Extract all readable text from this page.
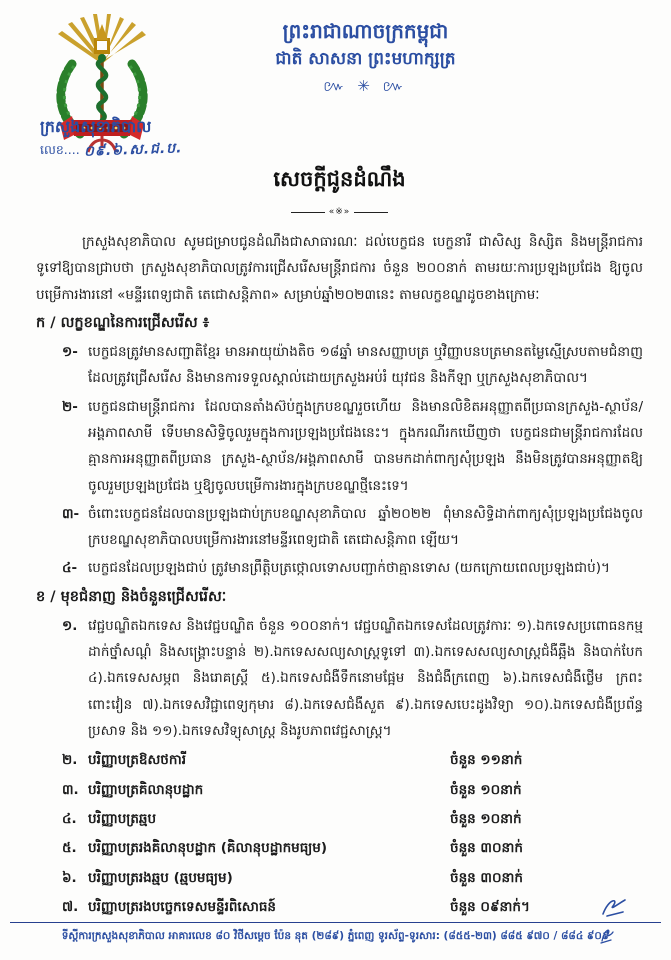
ព្រះរាជាណាចក្រកម្ពុជា
ជាតិ សាសនា ព្រះមហាក្សត្រ
៚ ✳ ៚
ក្រសួងសុខាភិបាល
លេខ.... ០៩.៦.ស.ជ.ប.
សេចក្តីជូនដំណឹង
«※»

ក្រសួងសុខាភិបាល សូមជម្រាបជូនដំណឹងជាសាធារណៈ ដល់បេក្ខជន បេក្ខនារី ជាសិស្ស និស្សិត និងមន្ត្រីរាជការទូទៅឱ្យបានជ្រាបថា ក្រសួងសុខាភិបាលត្រូវការជ្រើសរើសមន្ត្រីរាជការ ចំនួន ២០០នាក់ តាមរយៈការប្រឡងប្រជែង ឱ្យចូលបម្រើការងារនៅ «មន្ទីរពេទ្យជាតិ តេជោសន្តិភាព» សម្រាប់ឆ្នាំ២០២៣នេះ តាមលក្ខខណ្ឌដូចខាងក្រោមៈ

ក / លក្ខខណ្ឌនៃការជ្រើសរើស ៖
១- បេក្ខជនត្រូវមានសញ្ជាតិខ្មែរ មានអាយុយ៉ាងតិច ១៨ឆ្នាំ មានសញ្ញាបត្រ ឬវិញ្ញាបនបត្រមានតម្លៃស្មើស្របតាមជំនាញដែលត្រូវជ្រើសរើស និងមានការទទួលស្គាល់ដោយក្រសួងអប់រំ យុវជន និងកីឡា ឬក្រសួងសុខាភិបាល។
២- បេក្ខជនជាមន្ត្រីរាជការ ដែលបានតាំងស៊ប់ក្នុងក្របខណ្ឌរួចហើយ និងមានលិខិតអនុញ្ញាតពីប្រធានក្រសួង-ស្ថាប័ន/អង្គភាពសាមី ទើបមានសិទ្ធិចូលរួមក្នុងការប្រឡងប្រជែងនេះ។ ក្នុងករណីរកឃើញថា បេក្ខជនជាមន្ត្រីរាជការដែលគ្មានការអនុញ្ញាតពីប្រធាន ក្រសួង-ស្ថាប័ន/អង្គភាពសាមី បានមកដាក់ពាក្យសុំប្រឡង នឹងមិនត្រូវបានអនុញ្ញាតឱ្យចូលរួមប្រឡងប្រជែង ឬឱ្យចូលបម្រើការងារក្នុងក្របខណ្ឌថ្មីនេះទេ។
៣- ចំពោះបេក្ខជនដែលបានប្រឡងជាប់ក្របខណ្ឌសុខាភិបាល ឆ្នាំ២០២២ ពុំមានសិទ្ធិដាក់ពាក្យសុំប្រឡងប្រជែងចូលក្របខណ្ឌសុខាភិបាលបម្រើការងារនៅមន្ទីរពេទ្យជាតិ តេជោសន្តិភាព ឡើយ។
៤- បេក្ខជនដែលប្រឡងជាប់ ត្រូវមានព្រឹត្តិបត្រថ្កោលទោសបញ្ជាក់ថាគ្មានទោស (យកក្រោយពេលប្រឡងជាប់)។
ខ / មុខជំនាញ និងចំនួនជ្រើសរើសៈ
១. វេជ្ជបណ្ឌិតឯកទេស និងវេជ្ជបណ្ឌិត ចំនួន ១០០នាក់។ វេជ្ជបណ្ឌិតឯកទេសដែលត្រូវការៈ ១).ឯកទេសប្រពោធនកម្ម ដាក់ថ្នាំសណ្តំ និងសង្គ្រោះបន្ទាន់ ២).ឯកទេសសល្យសាស្ត្រទូទៅ ៣).ឯកទេសសល្យសាស្ត្រជំងឺឆ្អឹង និងបាក់បែក ៤).ឯកទេសសម្ភព និងរោគស្ត្រី ៥).ឯកទេសជំងឺទឹកនោមផ្អែម និងជំងឺក្រពេញ ៦).ឯកទេសជំងឺថ្លើម ក្រពះ ពោះវៀន ៧).ឯកទេសវិជ្ជាពេទ្យកុមារ ៨).ឯកទេសជំងឺសួត ៩).ឯកទេសបេះដូងវិទ្យា ១០).ឯកទេសជំងឺប្រព័ន្ធប្រសាទ និង ១១).ឯកទេសវិទ្យុសាស្ត្រ និងរូបភាពវេជ្ជសាស្ត្រ។
២. បរិញ្ញាបត្រឱសថការី	ចំនួន ១១នាក់
៣. បរិញ្ញាបត្រគិលានុបដ្ឋាក	ចំនួន ១០នាក់
៤. បរិញ្ញាបត្រឆ្មប	ចំនួន ១០នាក់
៥. បរិញ្ញាបត្ររងគិលានុបដ្ឋាក (គិលានុបដ្ឋាកមធ្យម)	ចំនួន ៣០នាក់
៦. បរិញ្ញាបត្ររងឆ្មប (ឆ្មបមធ្យម)	ចំនួន ៣០នាក់
៧. បរិញ្ញាបត្ររងបច្ចេកទេសមន្ទីរពិសោធន៍	ចំនួន ០៩នាក់។
ទីស្តីការក្រសួងសុខាភិបាល អាគារលេខ ៨០ វិថីសម្តេច ប៉ែន នុត (២៨៩) ភ្នំពេញ ទូរស័ព្ទ-ទូរសារ: (៨៥៥-២៣) ៨៨៥ ៩៧០ / ៨៨៤ ៩០៩
